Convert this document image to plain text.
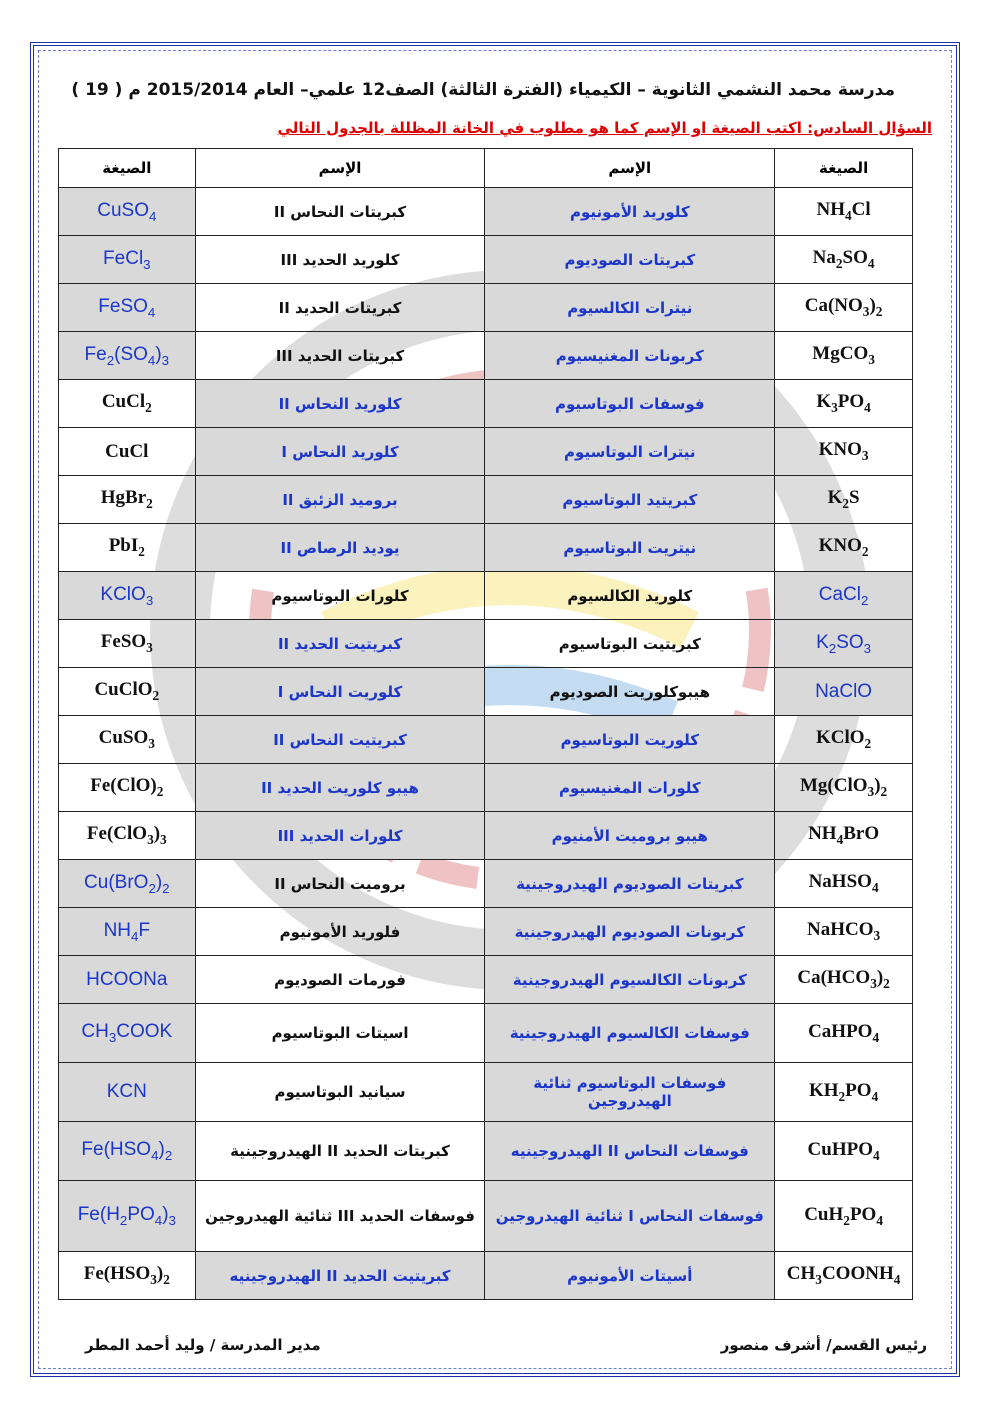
مدرسة محمد النشمي الثانوية – الكيمياء (الفترة الثالثة) الصف12 علمي– العام 2015/2014 م ( 19 )
السؤال السادس: اكتب الصيغة او الإسم كما هو مطلوب في الخانة المظللة بالجدول التالي
الصيغة	الإسم	الإسم	الصيغة
CuSO$_4$	كبريتات النحاس II	كلوريد الأمونيوم	$NH_4Cl$
FeCl$_3$	كلوريد الحديد III	كبريتات الصوديوم	$Na_2SO_4$
FeSO$_4$	كبريتات الحديد II	نيترات الكالسيوم	$Ca(NO_3)_2$
$Fe_2(SO_4)_3$	كبريتات الحديد III	كربونات المغنيسيوم	MgCO$_3$
CuCl$_2$	كلوريد النحاس II	فوسفات البوتاسيوم	$K_3PO_4$
CuCl	كلوريد النحاس I	نيترات البوتاسيوم	$KNO_3$
HgBr$_2$	بروميد الزئبق II	كبريتيد البوتاسيوم	$K_2S$
PbI$_2$	يوديد الرصاص II	نيتريت البوتاسيوم	$KNO_2$
KClO$_3$	كلورات البوتاسيوم	كلوريد الكالسيوم	CaCl$_2$
FeSO$_3$	كبريتيت الحديد II	كبريتيت البوتاسيوم	$K_2SO_3$
CuClO$_2$	كلوريت النحاس I	هيبوكلوريت الصوديوم	NaClO
CuSO$_3$	كبريتيت النحاس II	كلوريت البوتاسيوم	KClO$_2$
$Fe(ClO)_2$	هيبو كلوريت الحديد II	كلورات المغنيسيوم	$Mg(ClO_3)_2$
$Fe(ClO_3)_3$	كلورات الحديد III	هيبو بروميت الأمنيوم	$NH_4BrO$
$Cu(BrO_2)_2$	بروميت النحاس II	كبريتات الصوديوم الهيدروجينية	NaHSO$_4$
$NH_4F$	فلوريد الأمونيوم	كربونات الصوديوم الهيدروجينية	NaHCO$_3$
HCOONa	فورمات الصوديوم	كربونات الكالسيوم الهيدروجينية	$Ca(HCO_3)_2$
$CH_3COOK$	اسيتات البوتاسيوم	فوسفات الكالسيوم الهيدروجينية	CaHPO$_4$
KCN	سيانيد البوتاسيوم	فوسفات البوتاسيوم ثنائية الهيدروجين	$KH_2PO_4$
$Fe(HSO_4)_2$	كبريتات الحديد II الهيدروجينية	فوسفات النحاس II الهيدروجينيه	CuHPO$_4$
$Fe(H_2PO_4)_3$	فوسفات الحديد III ثنائية الهيدروجين	فوسفات النحاس I ثنائية الهيدروجين	$CuH_2PO_4$
$Fe(HSO_3)_2$	كبريتيت الحديد II الهيدروجينيه	أسيتات الأمونيوم	$CH_3COONH_4$
رئيس القسم/ أشرف منصور
مدير المدرسة / وليد أحمد المطر
